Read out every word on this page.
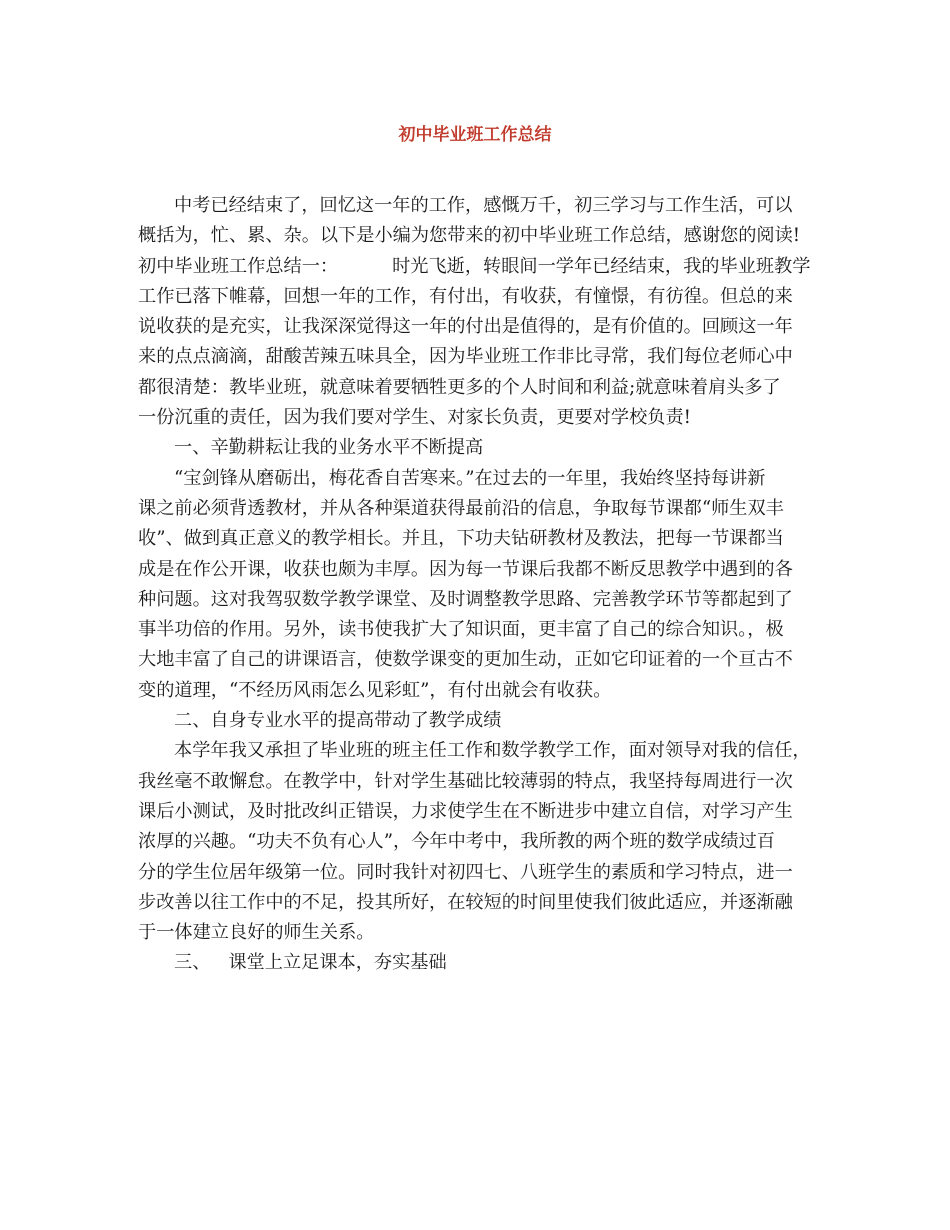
初中毕业班工作总结
中考已经结束了，回忆这一年的工作，感慨万千，初三学习与工作生活，可以
概括为，忙、累、杂。以下是小编为您带来的初中毕业班工作总结，感谢您的阅读!
初中毕业班工作总结一：	时光飞逝，转眼间一学年已经结束，我的毕业班教学
工作已落下帷幕，回想一年的工作，有付出，有收获，有憧憬，有彷徨。但总的来
说收获的是充实，让我深深觉得这一年的付出是值得的，是有价值的。回顾这一年
来的点点滴滴，甜酸苦辣五味具全，因为毕业班工作非比寻常，我们每位老师心中
都很清楚：教毕业班，就意味着要牺牲更多的个人时间和利益;就意味着肩头多了
一份沉重的责任，因为我们要对学生、对家长负责，更要对学校负责!
一、辛勤耕耘让我的业务水平不断提高
“宝剑锋从磨砺出，梅花香自苦寒来。”在过去的一年里，我始终坚持每讲新
课之前必须背透教材，并从各种渠道获得最前沿的信息，争取每节课都“师生双丰
收”、做到真正意义的教学相长。并且，下功夫钻研教材及教法，把每一节课都当
成是在作公开课，收获也颇为丰厚。因为每一节课后我都不断反思教学中遇到的各
种问题。这对我驾驭数学教学课堂、及时调整教学思路、完善教学环节等都起到了
事半功倍的作用。另外，读书使我扩大了知识面，更丰富了自己的综合知识。，极
大地丰富了自己的讲课语言，使数学课变的更加生动，正如它印证着的一个亘古不
变的道理，“不经历风雨怎么见彩虹”，有付出就会有收获。
二、自身专业水平的提高带动了教学成绩
本学年我又承担了毕业班的班主任工作和数学教学工作，面对领导对我的信任，
我丝毫不敢懈怠。在教学中，针对学生基础比较薄弱的特点，我坚持每周进行一次
课后小测试，及时批改纠正错误，力求使学生在不断进步中建立自信，对学习产生
浓厚的兴趣。“功夫不负有心人”，今年中考中，我所教的两个班的数学成绩过百
分的学生位居年级第一位。同时我针对初四七、八班学生的素质和学习特点，进一
步改善以往工作中的不足，投其所好，在较短的时间里使我们彼此适应，并逐渐融
于一体建立良好的师生关系。
三、 课堂上立足课本，夯实基础
